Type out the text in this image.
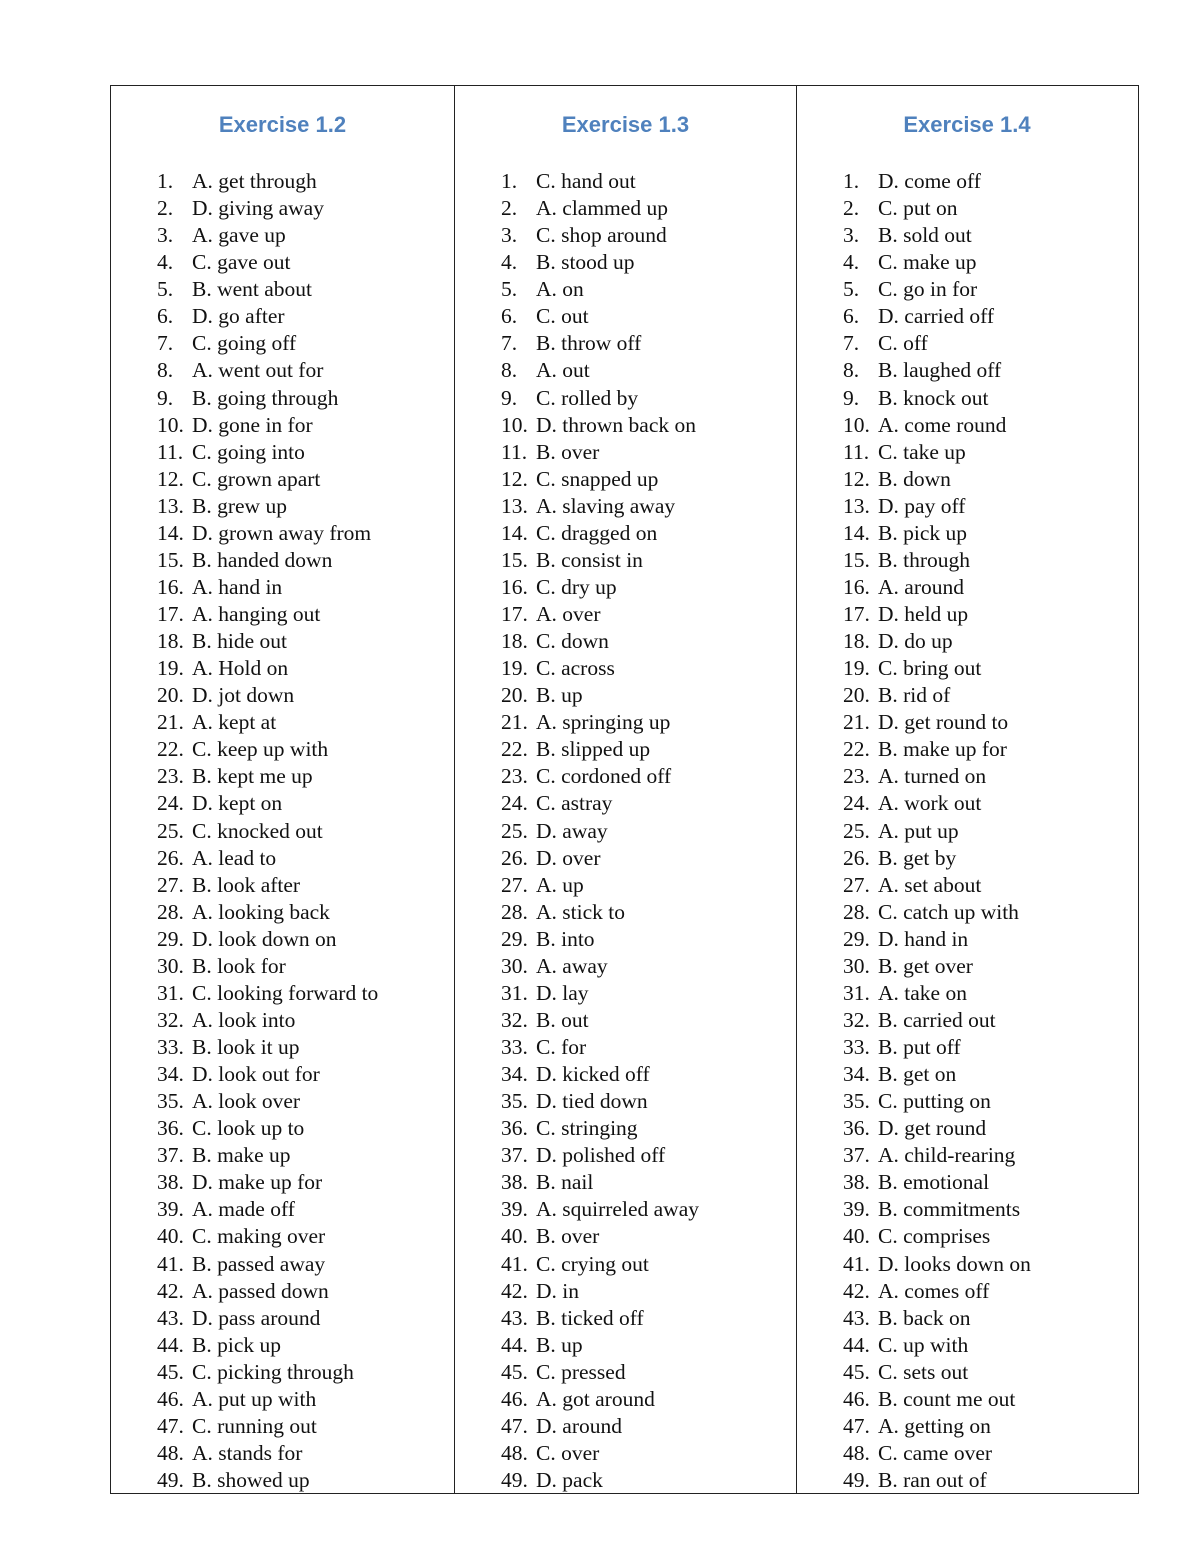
Exercise 1.2
1. A. get through
2. D. giving away
3. A. gave up
4. C. gave out
5. B. went about
6. D. go after
7. C. going off
8. A. went out for
9. B. going through
10. D. gone in for
11. C. going into
12. C. grown apart
13. B. grew up
14. D. grown away from
15. B. handed down
16. A. hand in
17. A. hanging out
18. B. hide out
19. A. Hold on
20. D. jot down
21. A. kept at
22. C. keep up with
23. B. kept me up
24. D. kept on
25. C. knocked out
26. A. lead to
27. B. look after
28. A. looking back
29. D. look down on
30. B. look for
31. C. looking forward to
32. A. look into
33. B. look it up
34. D. look out for
35. A. look over
36. C. look up to
37. B. make up
38. D. make up for
39. A. made off
40. C. making over
41. B. passed away
42. A. passed down
43. D. pass around
44. B. pick up
45. C. picking through
46. A. put up with
47. C. running out
48. A. stands for
49. B. showed up
Exercise 1.3
1. C. hand out
2. A. clammed up
3. C. shop around
4. B. stood up
5. A. on
6. C. out
7. B. throw off
8. A. out
9. C. rolled by
10. D. thrown back on
11. B. over
12. C. snapped up
13. A. slaving away
14. C. dragged on
15. B. consist in
16. C. dry up
17. A. over
18. C. down
19. C. across
20. B. up
21. A. springing up
22. B. slipped up
23. C. cordoned off
24. C. astray
25. D. away
26. D. over
27. A. up
28. A. stick to
29. B. into
30. A. away
31. D. lay
32. B. out
33. C. for
34. D. kicked off
35. D. tied down
36. C. stringing
37. D. polished off
38. B. nail
39. A. squirreled away
40. B. over
41. C. crying out
42. D. in
43. B. ticked off
44. B. up
45. C. pressed
46. A. got around
47. D. around
48. C. over
49. D. pack
Exercise 1.4
1. D. come off
2. C. put on
3. B. sold out
4. C. make up
5. C. go in for
6. D. carried off
7. C. off
8. B. laughed off
9. B. knock out
10. A. come round
11. C. take up
12. B. down
13. D. pay off
14. B. pick up
15. B. through
16. A. around
17. D. held up
18. D. do up
19. C. bring out
20. B. rid of
21. D. get round to
22. B. make up for
23. A. turned on
24. A. work out
25. A. put up
26. B. get by
27. A. set about
28. C. catch up with
29. D. hand in
30. B. get over
31. A. take on
32. B. carried out
33. B. put off
34. B. get on
35. C. putting on
36. D. get round
37. A. child-rearing
38. B. emotional
39. B. commitments
40. C. comprises
41. D. looks down on
42. A. comes off
43. B. back on
44. C. up with
45. C. sets out
46. B. count me out
47. A. getting on
48. C. came over
49. B. ran out of
